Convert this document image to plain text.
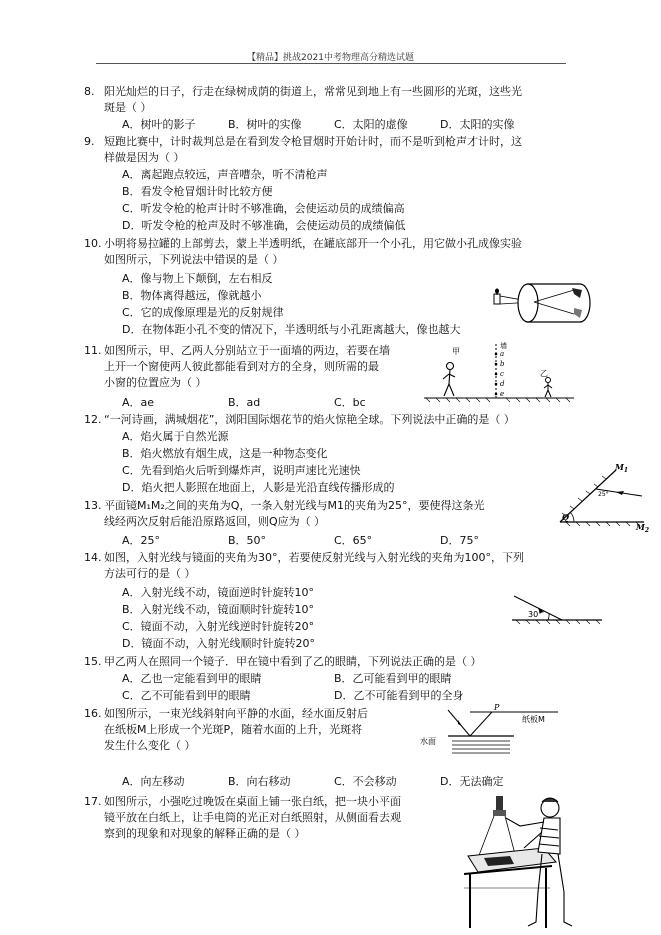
【精品】挑战2021中考物理高分精选试题
8. 阳光灿烂的日子，行走在绿树成荫的街道上，常常见到地上有一些圆形的光斑，这些光
斑是（ ）
A．树叶的影子	B．树叶的实像	C．太阳的虚像	D．太阳的实像
9. 短跑比赛中，计时裁判总是在看到发令枪冒烟时开始计时，而不是听到枪声才计时，这
样做是因为（ ）
A．离起跑点较远，声音嘈杂，听不清枪声
B．看发令枪冒烟计时比较方便
C．听发令枪的枪声计时不够准确，会使运动员的成绩偏高
D．听发令枪的枪声及时不够准确，会使运动员的成绩偏低
10. 小明将易拉罐的上部剪去，蒙上半透明纸，在罐底部开一个小孔，用它做小孔成像实验
如图所示，下列说法中错误的是（ ）
A．像与物上下颠倒，左右相反
B．物体离得越远，像就越小
C．它的成像原理是光的反射规律
D．在物体距小孔不变的情况下，半透明纸与小孔距离越大，像也越大
11. 如图所示，甲、乙两人分别站立于一面墙的两边，若要在墙
上开一个窗使两人彼此都能看到对方的全身，则所需的最
小窗的位置应为（ ）
A．ae	B．ad	C．bc
墙
a
b
c
d
e
甲
乙
12. “一河诗画，满城烟花”，浏阳国际烟花节的焰火惊艳全球。下列说法中正确的是（ ）
A．焰火属于自然光源
B．焰火燃放有烟生成，这是一种物态变化
C．先看到焰火后听到爆炸声，说明声速比光速快
D．焰火把人影照在地面上，人影是光沿直线传播形成的
$M_1$
$M_2$
25°
Q
13. 平面镜M₁M₂之间的夹角为Q，一条入射光线与M1的夹角为25°，要使得这条光
线经两次反射后能沿原路返回，则Q应为（ ）
A．25°	B．50°	C．65°	D．75°
14. 如图，入射光线与镜面的夹角为30°，若要使反射光线与入射光线的夹角为100°，下列
方法可行的是（ ）
A．入射光线不动，镜面逆时针旋转10°
B．入射光线不动，镜面顺时针旋转10°
C．镜面不动，入射光线逆时针旋转20°
D．镜面不动，入射光线顺时针旋转20°
30°
15. 甲乙两人在照同一个镜子．甲在镜中看到了乙的眼睛，下列说法正确的是（ ）
A．乙也一定能看到甲的眼睛	B．乙可能看到甲的眼睛
C．乙不可能看到甲的眼睛	D．乙不可能看到甲的全身
16. 如图所示，一束光线斜射向平静的水面，经水面反射后
在纸板M上形成一个光斑P，随着水面的上升，光斑将
发生什么变化（ ）
A．向左移动	B．向右移动	C．不会移动	D．无法确定
P
纸板M
水面
17. 如图所示，小强吃过晚饭在桌面上铺一张白纸，把一块小平面
镜平放在白纸上，让手电筒的光正对白纸照射，从侧面看去观
察到的现象和对现象的解释正确的是（ ）
